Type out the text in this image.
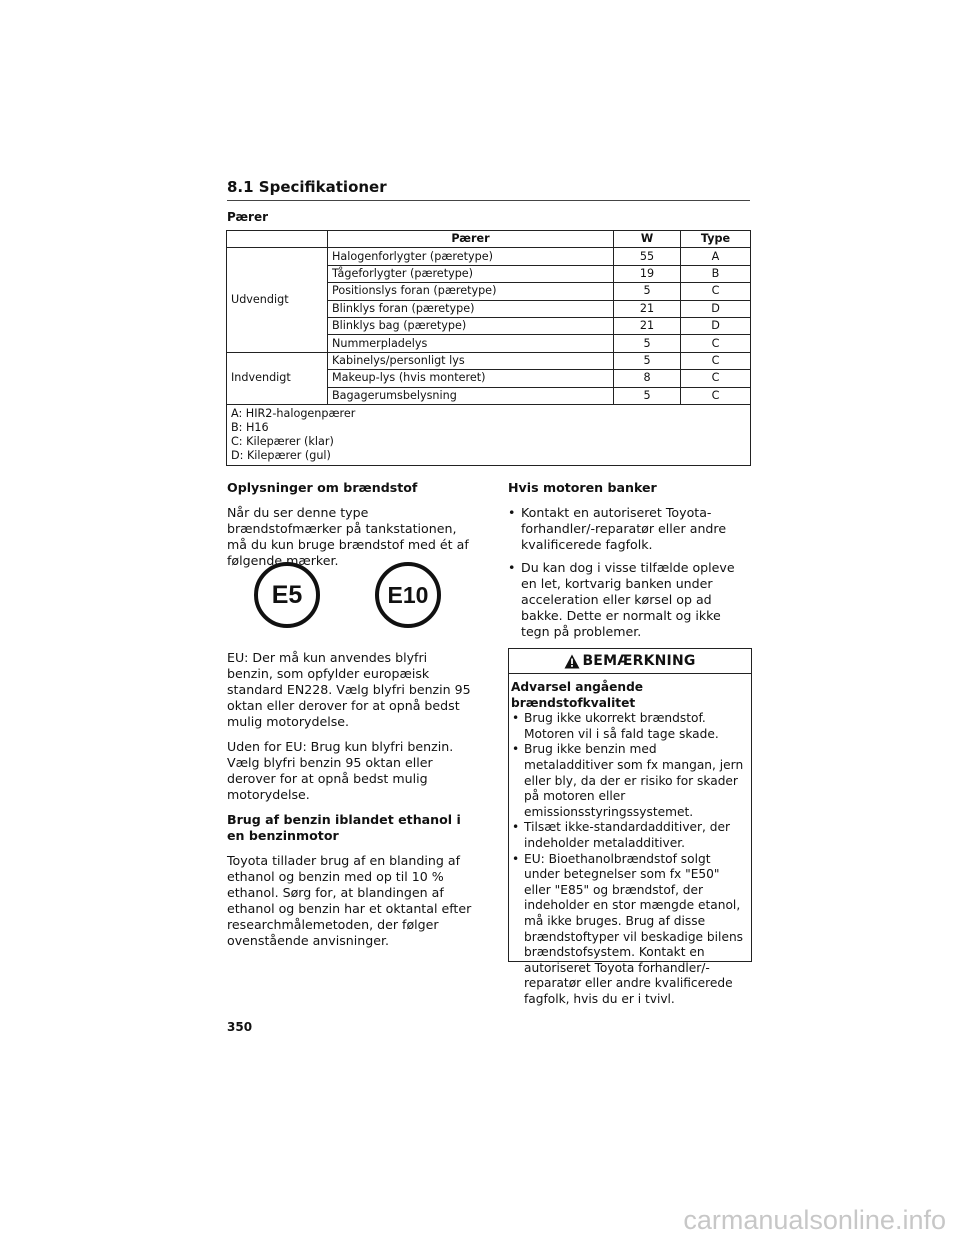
8.1 Specifikationer
Pærer
	Pærer	W	Type
Udvendigt	Halogenforlygter (pæretype)	55	A
	Tågeforlygter (pæretype)	19	B
	Positionslys foran (pæretype)	5	C
	Blinklys foran (pæretype)	21	D
	Blinklys bag (pæretype)	21	D
	Nummerpladelys	5	C
Indvendigt	Kabinelys/personligt lys	5	C
	Makeup-lys (hvis monteret)	8	C
	Bagagerumsbelysning	5	C

A: HIR2-halogenpærer
B: H16
C: Kilepærer (klar)
D: Kilepærer (gul)			
Oplysninger om brændstof

Når du ser denne type brændstofmærker på tankstationen, må du kun bruge brændstof med ét af følgende mærker.

E5	E10

EU: Der må kun anvendes blyfri benzin, som opfylder europæisk standard EN228. Vælg blyfri benzin 95 oktan eller derover for at opnå bedst mulig motorydelse.

Uden for EU: Brug kun blyfri benzin. Vælg blyfri benzin 95 oktan eller derover for at opnå bedst mulig motorydelse.

Brug af benzin iblandet ethanol i en benzinmotor

Toyota tillader brug af en blanding af ethanol og benzin med op til 10 % ethanol. Sørg for, at blandingen af ethanol og benzin har et oktantal efter researchmålemetoden, der følger ovenstående anvisninger.

Hvis motoren banker
• Kontakt en autoriseret Toyota-forhandler/-reparatør eller andre kvalificerede fagfolk.
• Du kan dog i visse tilfælde opleve en let, kortvarig banken under acceleration eller kørsel op ad bakke. Dette er normalt og ikke tegn på problemer.
BEMÆRKNING
Advarsel angående brændstofkvalitet
• Brug ikke ukorrekt brændstof. Motoren vil i så fald tage skade.
• Brug ikke benzin med metaladditiver som fx mangan, jern eller bly, da der er risiko for skader på motoren eller emissionsstyringssystemet.
• Tilsæt ikke-standardadditiver, der indeholder metaladditiver.
• EU: Bioethanolbrændstof solgt under betegnelser som fx "E50" eller "E85" og brændstof, der indeholder en stor mængde etanol, må ikke bruges. Brug af disse brændstoftyper vil beskadige bilens brændstofsystem. Kontakt en autoriseret Toyota forhandler/-reparatør eller andre kvalificerede fagfolk, hvis du er i tvivl.
350
carmanualsonline.info
